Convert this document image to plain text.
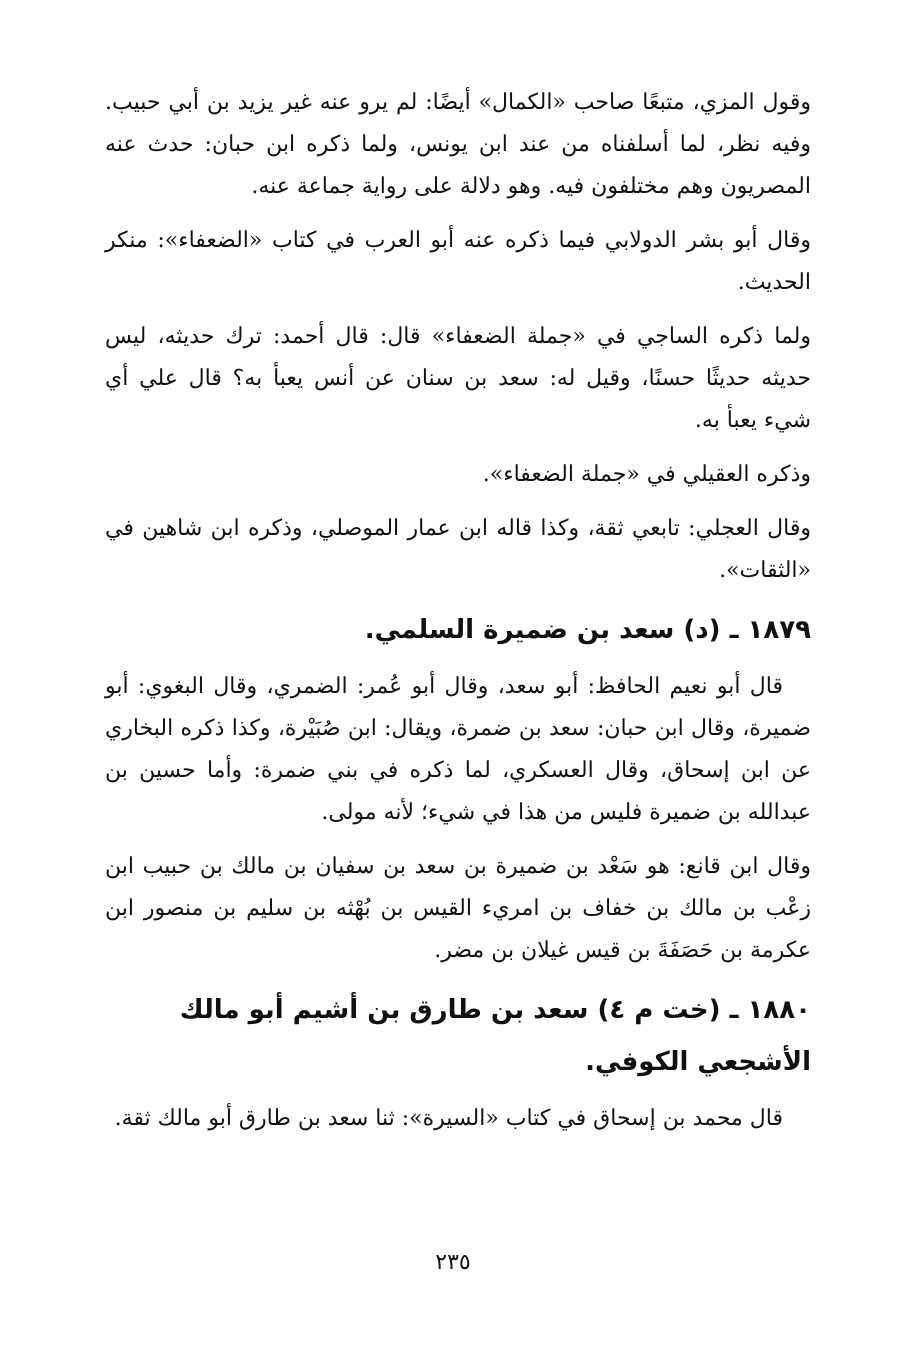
وقول المزي، متبعًا صاحب «الكمال» أيضًا: لم يرو عنه غير يزيد بن أبي حبيب. وفيه نظر، لما أسلفناه من عند ابن يونس، ولما ذكره ابن حبان: حدث عنه المصريون وهم مختلفون فيه. وهو دلالة على رواية جماعة عنه.

وقال أبو بشر الدولابي فيما ذكره عنه أبو العرب في كتاب «الضعفاء»: منكر الحديث.

ولما ذكره الساجي في «جملة الضعفاء» قال: قال أحمد: ترك حديثه، ليس حديثه حديثًا حسنًا، وقيل له: سعد بن سنان عن أنس يعبأ به؟ قال علي أي شيء يعبأ به.

وذكره العقيلي في «جملة الضعفاء».

وقال العجلي: تابعي ثقة، وكذا قاله ابن عمار الموصلي، وذكره ابن شاهين في «الثقات».

١٨٧٩ ـ (د) سعد بن ضميرة السلمي.

قال أبو نعيم الحافظ: أبو سعد، وقال أبو عُمر: الضمري، وقال البغوي: أبو ضميرة، وقال ابن حبان: سعد بن ضمرة، ويقال: ابن صُبَيْرة، وكذا ذكره البخاري عن ابن إسحاق، وقال العسكري، لما ذكره في بني ضمرة: وأما حسين بن عبدالله بن ضميرة فليس من هذا في شيء؛ لأنه مولى.

وقال ابن قانع: هو سَعْد بن ضميرة بن سعد بن سفيان بن مالك بن حبيب ابن زعْب بن مالك بن خفاف بن امريء القيس بن بُهْثه بن سليم بن منصور ابن عكرمة بن حَصَفَةَ بن قيس غيلان بن مضر.

١٨٨٠ ـ (خت م ٤) سعد بن طارق بن أشيم أبو مالك الأشجعي الكوفي.

قال محمد بن إسحاق في كتاب «السيرة»: ثنا سعد بن طارق أبو مالك ثقة.

٢٣٥
